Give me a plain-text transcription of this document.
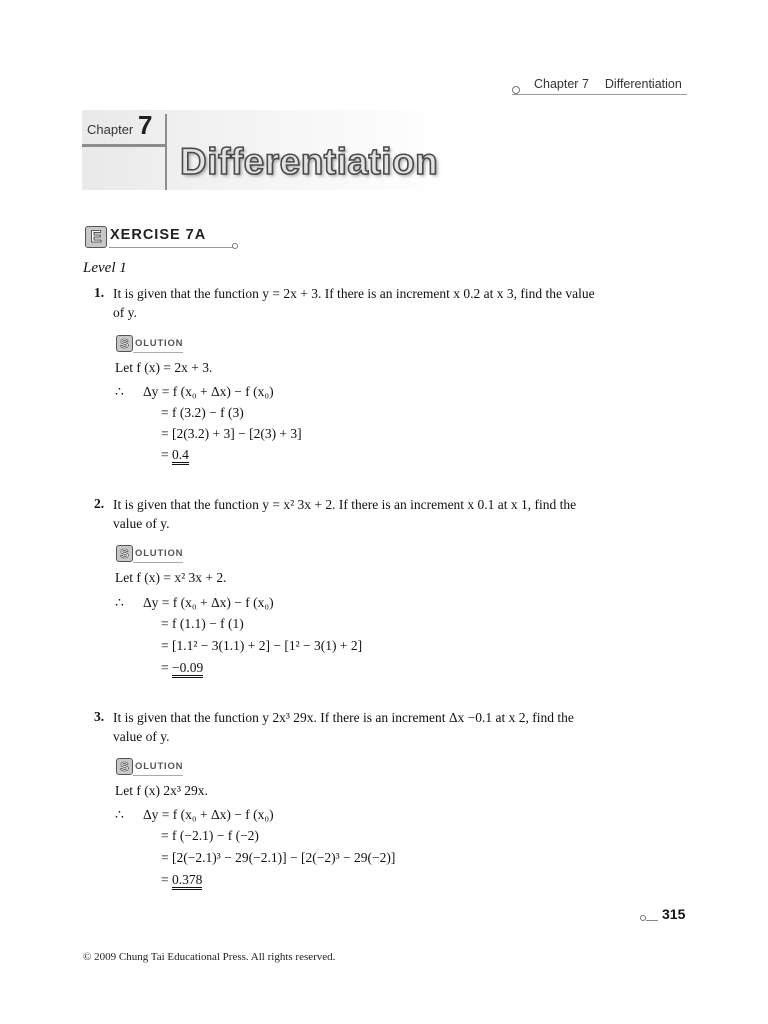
Chapter 7 Differentiation
Chapter 7
Differentiation
E XERCISE 7A
Level 1
1. It is given that the function y = 2x + 3. If there is an increment x 0.2 at x 3, find the value
of y.
S OLUTION
Let f (x) = 2x + 3.
∴ Δy = f (x₀ + Δx) − f (x₀)
= f (3.2) − f (3)
= [2(3.2) + 3] − [2(3) + 3]
= 0.4
2. It is given that the function y = x² 3x + 2. If there is an increment x 0.1 at x 1, find the
value of y.
S OLUTION
Let f (x) = x² 3x + 2.
∴ Δy = f (x₀ + Δx) − f (x₀)
= f (1.1) − f (1)
= [1.1² − 3(1.1) + 2] − [1² − 3(1) + 2]
= −0.09
3. It is given that the function y 2x³ 29x. If there is an increment Δx −0.1 at x 2, find the
value of y.
S OLUTION
Let f (x) 2x³ 29x.
∴ Δy = f (x₀ + Δx) − f (x₀)
= f (−2.1) − f (−2)
= [2(−2.1)³ − 29(−2.1)] − [2(−2)³ − 29(−2)]
= 0.378
315
© 2009 Chung Tai Educational Press. All rights reserved.
